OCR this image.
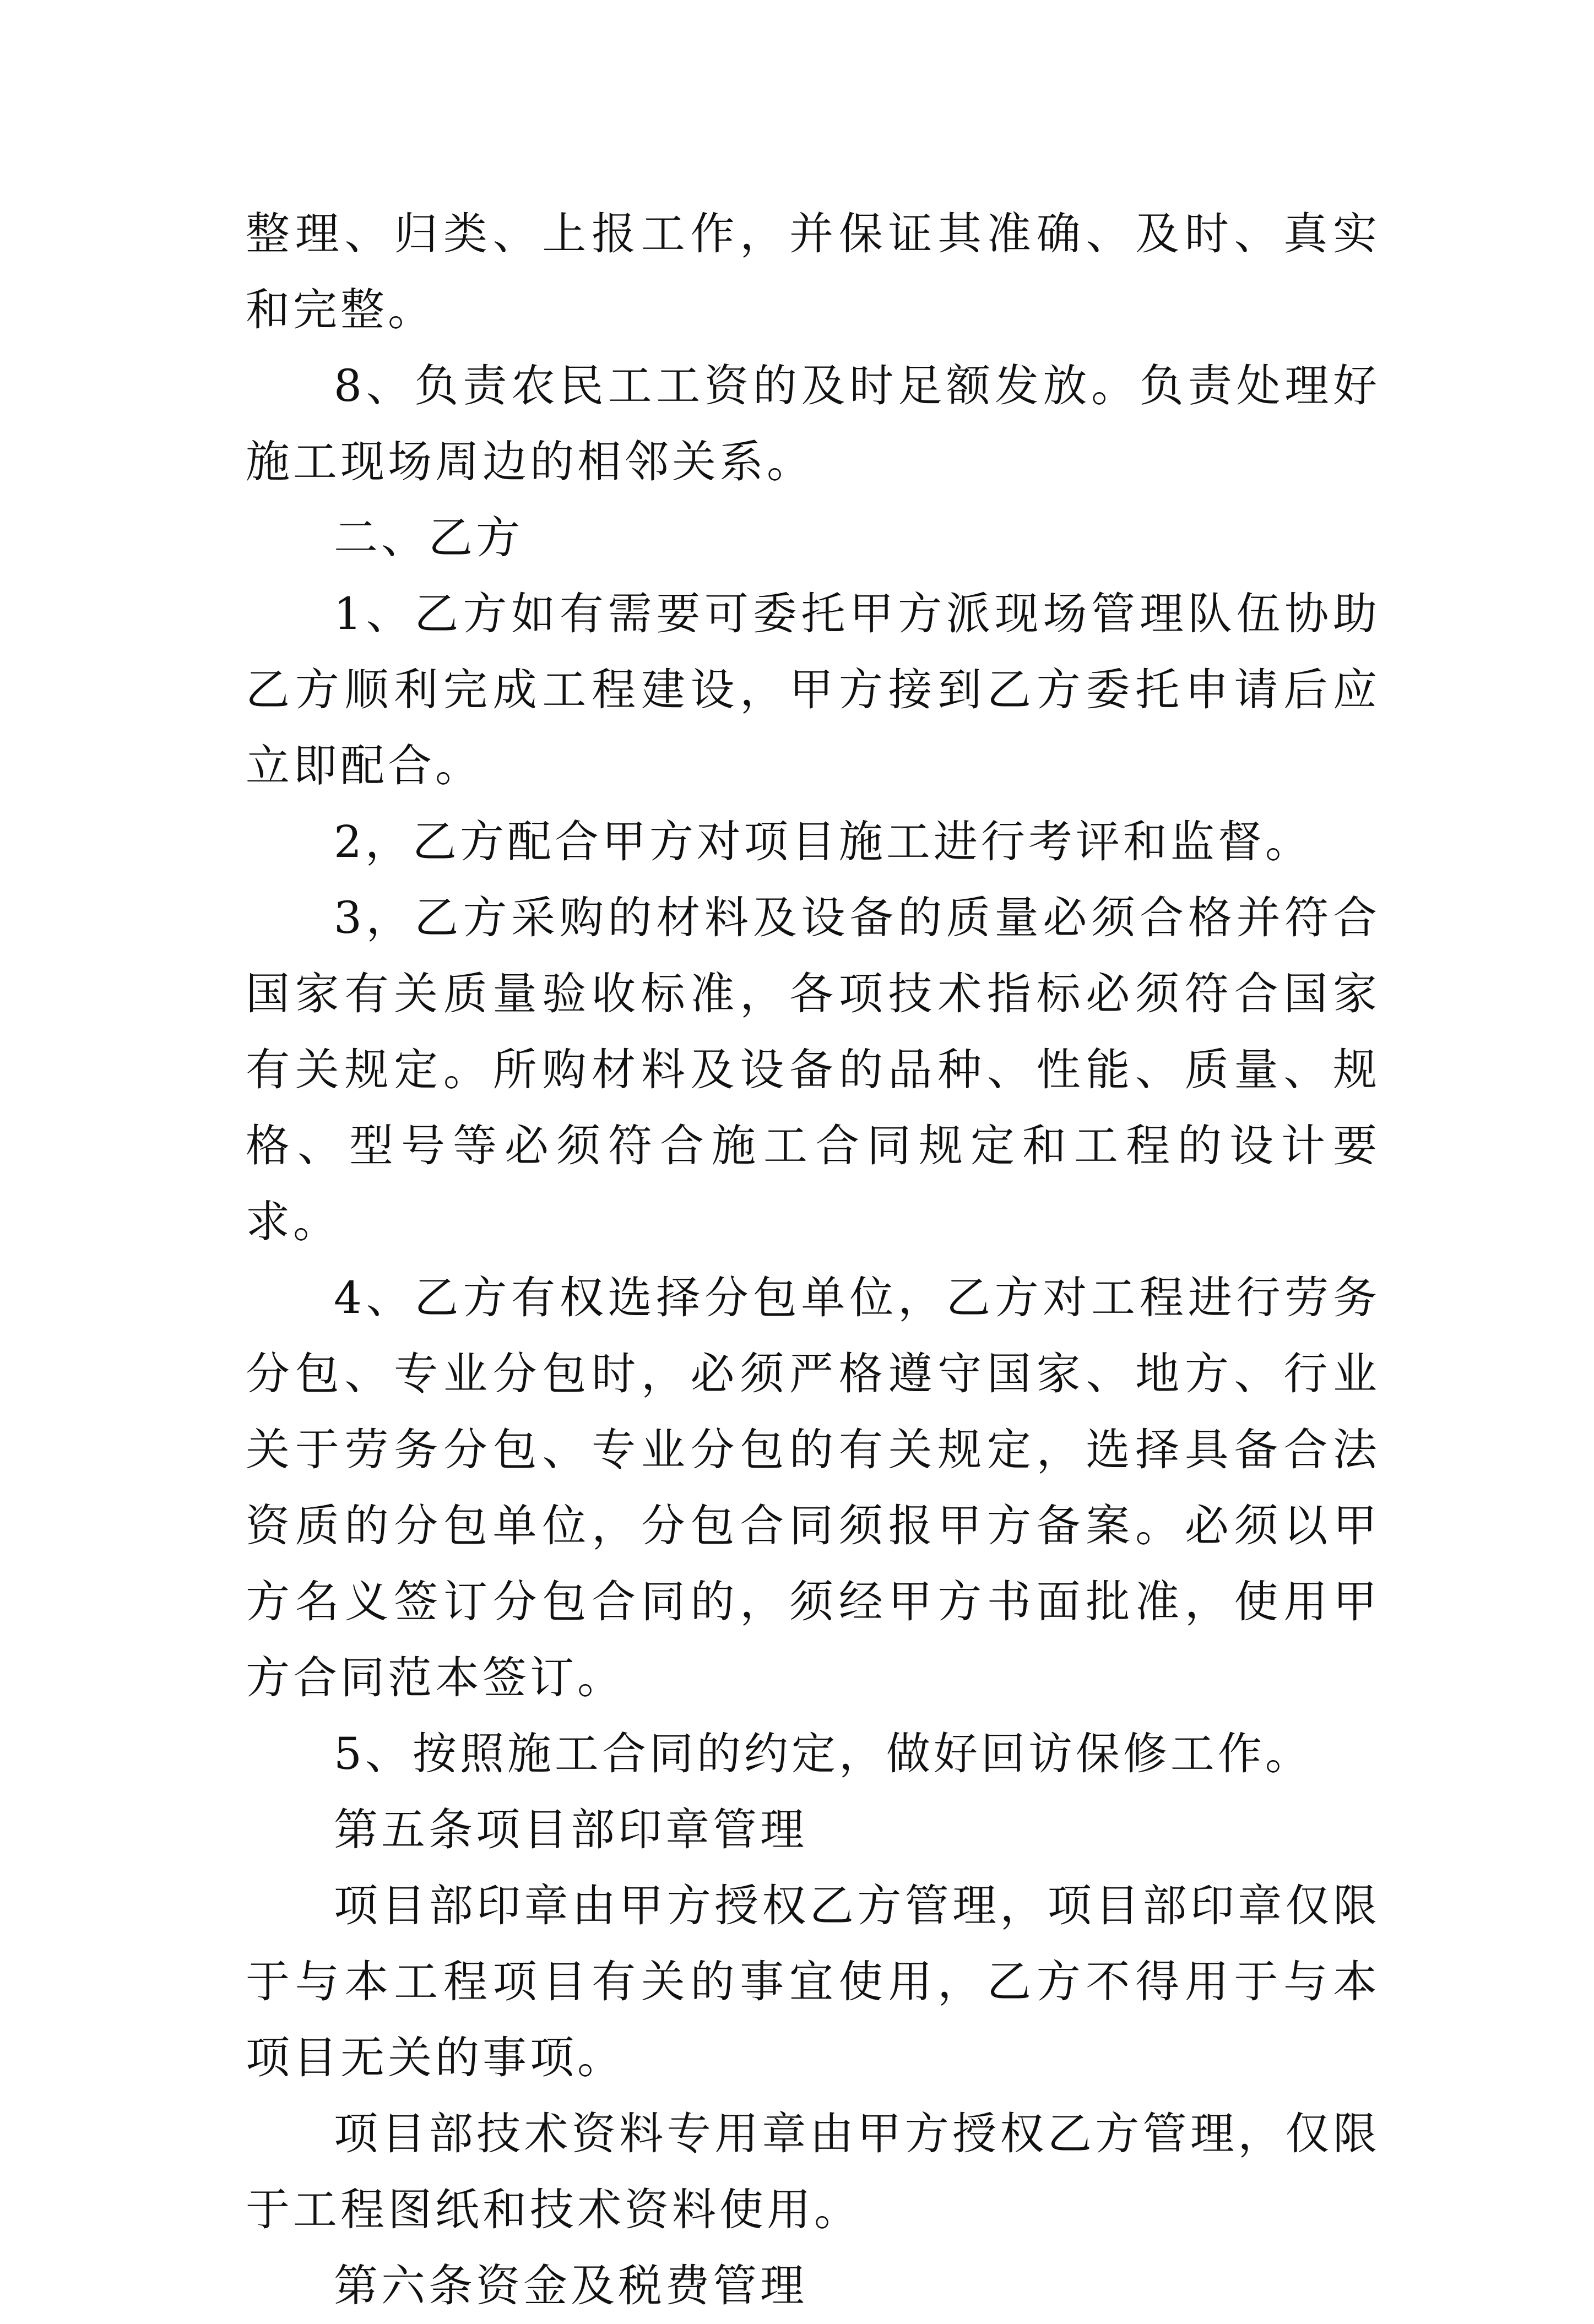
整理、归类、上报工作，并保证其准确、及时、真实和完整。

8、负责农民工工资的及时足额发放。负责处理好施工现场周边的相邻关系。

二、乙方

1、乙方如有需要可委托甲方派现场管理队伍协助乙方顺利完成工程建设，甲方接到乙方委托申请后应立即配合。

2，乙方配合甲方对项目施工进行考评和监督。

3，乙方采购的材料及设备的质量必须合格并符合国家有关质量验收标准，各项技术指标必须符合国家有关规定。所购材料及设备的品种、性能、质量、规格、型号等必须符合施工合同规定和工程的设计要求。

4、乙方有权选择分包单位，乙方对工程进行劳务分包、专业分包时，必须严格遵守国家、地方、行业关于劳务分包、专业分包的有关规定，选择具备合法资质的分包单位，分包合同须报甲方备案。必须以甲方名义签订分包合同的，须经甲方书面批准，使用甲方合同范本签订。

5、按照施工合同的约定，做好回访保修工作。

第五条项目部印章管理

项目部印章由甲方授权乙方管理，项目部印章仅限于与本工程项目有关的事宜使用，乙方不得用于与本项目无关的事项。

项目部技术资料专用章由甲方授权乙方管理，仅限于工程图纸和技术资料使用。

第六条资金及税费管理
